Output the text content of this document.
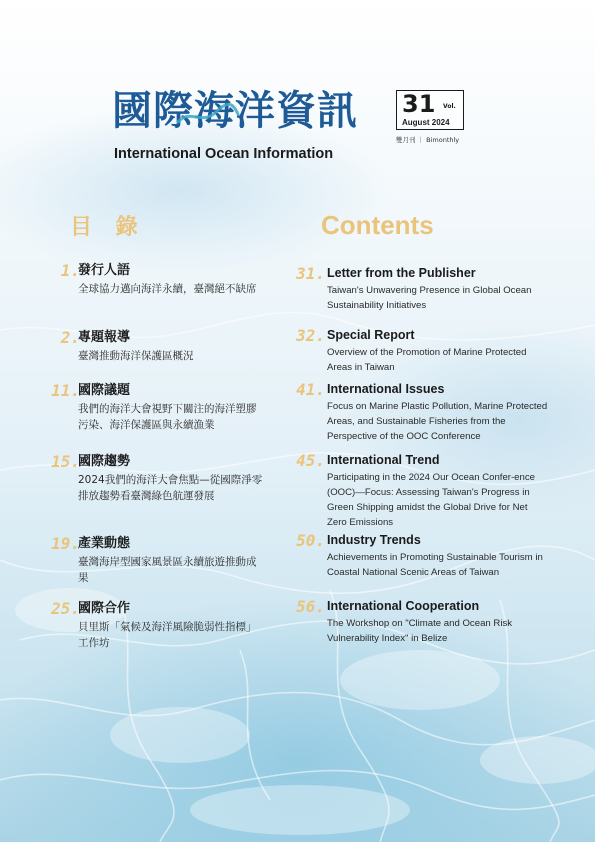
國際海洋資訊
International Ocean Information
31 Vol.
August 2024
雙月刊 ｜ Bimonthly
目 錄	Contents
1.
發行人語
全球協力邁向海洋永續，臺灣絕不缺席
2.
專題報導
臺灣推動海洋保護區概況
11.
國際議題
我們的海洋大會視野下關注的海洋塑膠污染、海洋保護區與永續漁業
15.
國際趨勢
2024我們的海洋大會焦點—從國際淨零排放趨勢看臺灣綠色航運發展
19.
產業動態
臺灣海岸型國家風景區永續旅遊推動成果
25.
國際合作
貝里斯「氣候及海洋風險脆弱性指標」工作坊
31. Letter from the Publisher
Taiwan's Unwavering Presence in Global Ocean Sustainability Initiatives
32. Special Report
Overview of the Promotion of Marine Protected Areas in Taiwan
41. International Issues
Focus on Marine Plastic Pollution, Marine Protected Areas, and Sustainable Fisheries from the Perspective of the OOC Conference
45. International Trend
Participating in the 2024 Our Ocean Confer-ence (OOC)—Focus: Assessing Taiwan's Progress in Green Shipping amidst the Global Drive for Net Zero Emissions
50. Industry Trends
Achievements in Promoting Sustainable Tourism in Coastal National Scenic Areas of Taiwan
56. International Cooperation
The Workshop on "Climate and Ocean Risk Vulnerability Index" in Belize
